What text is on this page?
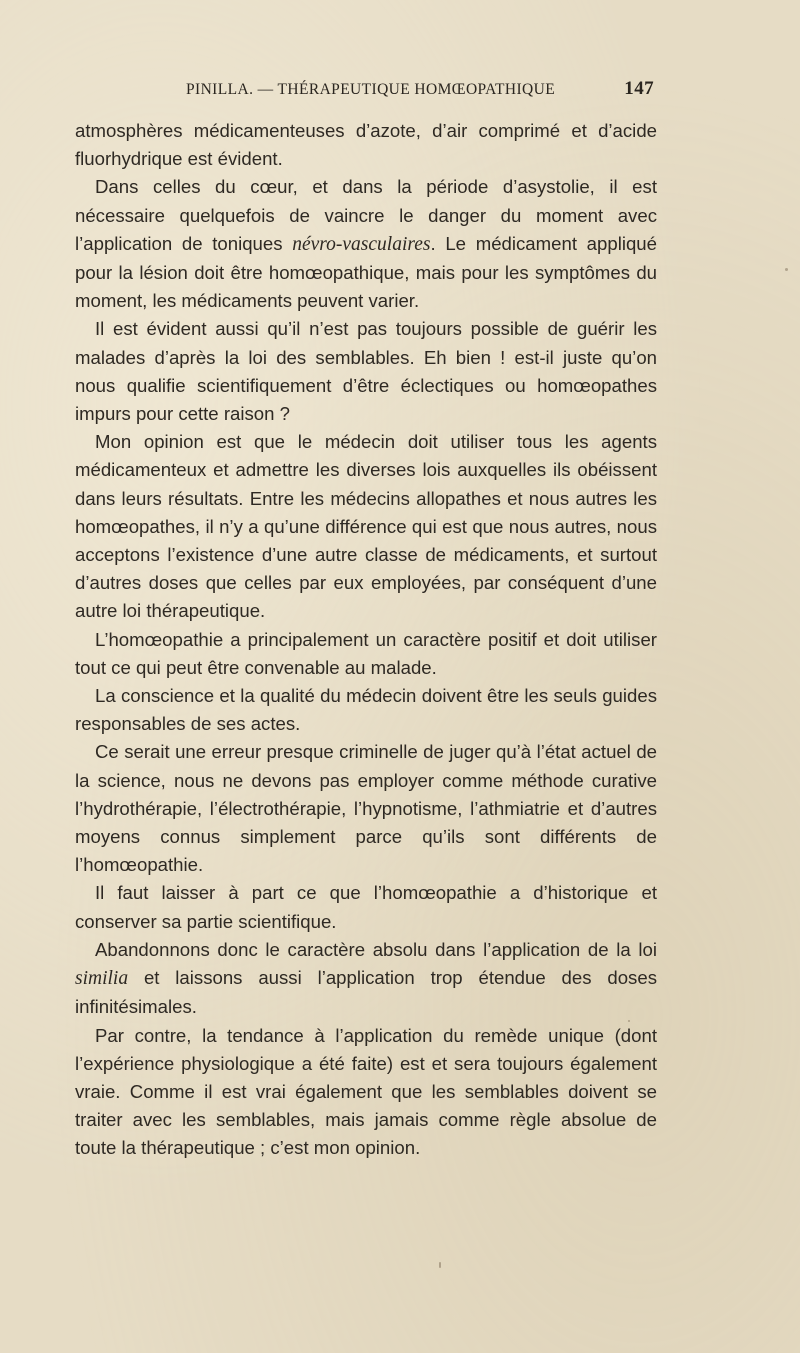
PINILLA. — THÉRAPEUTIQUE HOMŒOPATHIQUE	147

atmosphères médicamenteuses d’azote, d’air comprimé et d’acide fluorhydrique est évident.

Dans celles du cœur, et dans la période d’asystolie, il est nécessaire quelquefois de vaincre le danger du moment avec l’application de toniques névro-vasculaires. Le médicament appliqué pour la lésion doit être homœopathique, mais pour les symptômes du moment, les médicaments peuvent varier.

Il est évident aussi qu’il n’est pas toujours possible de guérir les malades d’après la loi des semblables. Eh bien ! est-il juste qu’on nous qualifie scientifiquement d’être éclectiques ou homœopathes impurs pour cette raison ?

Mon opinion est que le médecin doit utiliser tous les agents médicamenteux et admettre les diverses lois auxquelles ils obéissent dans leurs résultats. Entre les médecins allopathes et nous autres les homœopathes, il n’y a qu’une différence qui est que nous autres, nous acceptons l’existence d’une autre classe de médicaments, et surtout d’autres doses que celles par eux employées, par conséquent d’une autre loi thérapeutique.

L’homœopathie a principalement un caractère positif et doit utiliser tout ce qui peut être convenable au malade.

La conscience et la qualité du médecin doivent être les seuls guides responsables de ses actes.

Ce serait une erreur presque criminelle de juger qu’à l’état actuel de la science, nous ne devons pas employer comme méthode curative l’hydrothérapie, l’électrothérapie, l’hypnotisme, l’athmiatrie et d’autres moyens connus simplement parce qu’ils sont différents de l’homœopathie.

Il faut laisser à part ce que l’homœopathie a d’historique et conserver sa partie scientifique.

Abandonnons donc le caractère absolu dans l’application de la loi similia et laissons aussi l’application trop étendue des doses infinitésimales.

Par contre, la tendance à l’application du remède unique (dont l’expérience physiologique a été faite) est et sera toujours également vraie. Comme il est vrai également que les semblables doivent se traiter avec les semblables, mais jamais comme règle absolue de toute la thérapeutique ; c’est mon opinion.
